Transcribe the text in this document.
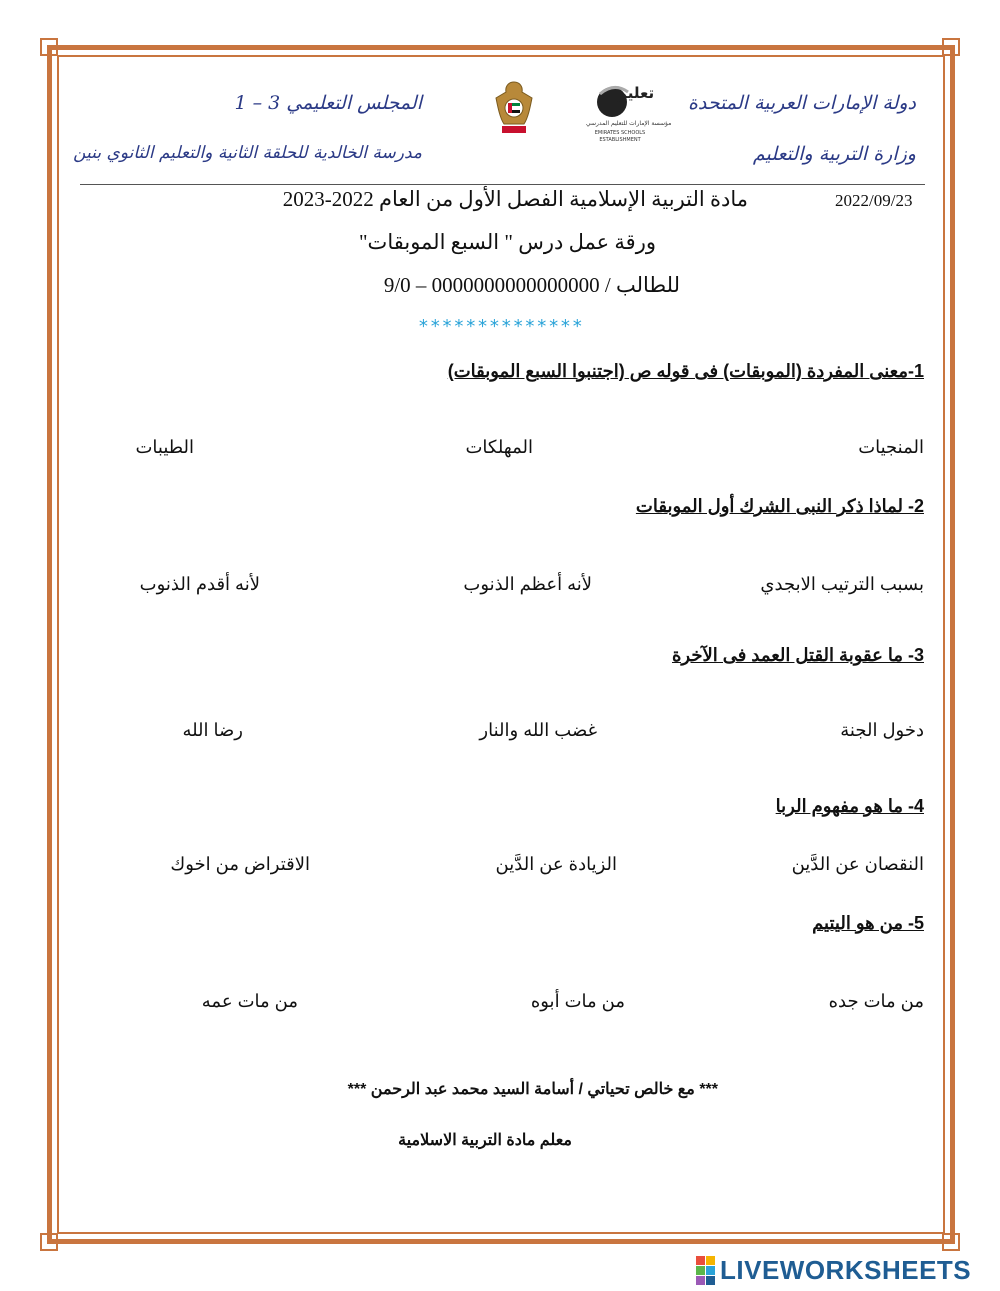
دولة الإمارات العربية المتحدة
وزارة التربية والتعليم
المجلس التعليمي 3 – 1
مدرسة الخالدية للحلقة الثانية والتعليم الثانوي بنين
تعليم
مؤسسة الإمارات للتعليم المدرسي
EMIRATES SCHOOLS ESTABLISHMENT
2022/09/23
مادة التربية الإسلامية الفصل الأول من العام 2022-2023
ورقة عمل درس " السبع الموبقات"
للطالب / 0000000000000000 – 9/0
**************
1-معنى المفردة (الموبقات) فى قوله ص (اجتنبوا السبع الموبقات)
المنجيات
المهلكات
الطيبات
2- لماذا ذكر النبى الشرك أول الموبقات
بسبب الترتيب الابجدي
لأنه أعظم الذنوب
لأنه أقدم الذنوب
3- ما عقوبة القتل العمد فى الآخرة
دخول الجنة
غضب الله والنار
رضا الله
4- ما هو مفهوم الربا
النقصان عن الدَّين
الزيادة عن الدَّين
الاقتراض من اخوك
5- من هو اليتيم
من مات جده
من مات أبوه
من مات عمه
*** مع خالص تحياتي / أسامة السيد محمد عبد الرحمن ***
معلم مادة التربية الاسلامية
LIVEWORKSHEETS
